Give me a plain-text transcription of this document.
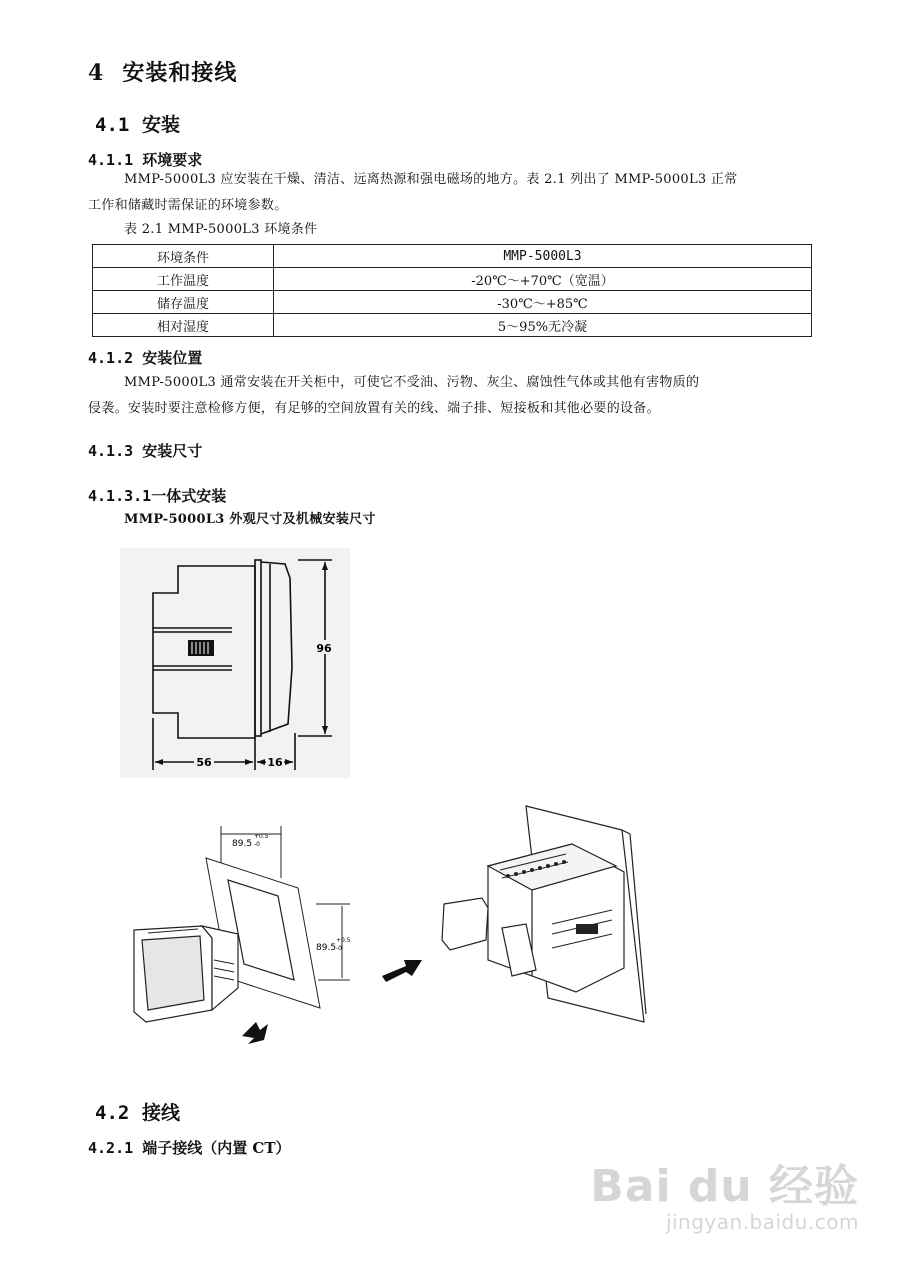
4 安装和接线
4.1 安装
4.1.1 环境要求
MMP-5000L3 应安装在干燥、清洁、远离热源和强电磁场的地方。表 2.1 列出了 MMP-5000L3 正常
工作和储藏时需保证的环境参数。
表 2.1 MMP-5000L3 环境条件
环境条件	MMP-5000L3
工作温度	-20℃～+70℃（宽温）
储存温度	-30℃～+85℃
相对湿度	5～95%无冷凝
4.1.2 安装位置
MMP-5000L3 通常安装在开关柜中，可使它不受油、污物、灰尘、腐蚀性气体或其他有害物质的
侵袭。安装时要注意检修方便，有足够的空间放置有关的线、端子排、短接板和其他必要的设备。
4.1.3 安装尺寸
4.1.3.1一体式安装
MMP-5000L3 外观尺寸及机械安装尺寸
96
56	16
89.5
+0.5
-0
89.5
+0.5
-0
4.2 接线
4.2.1 端子接线（内置 CT）
Bai du 经验
jingyan.baidu.com
